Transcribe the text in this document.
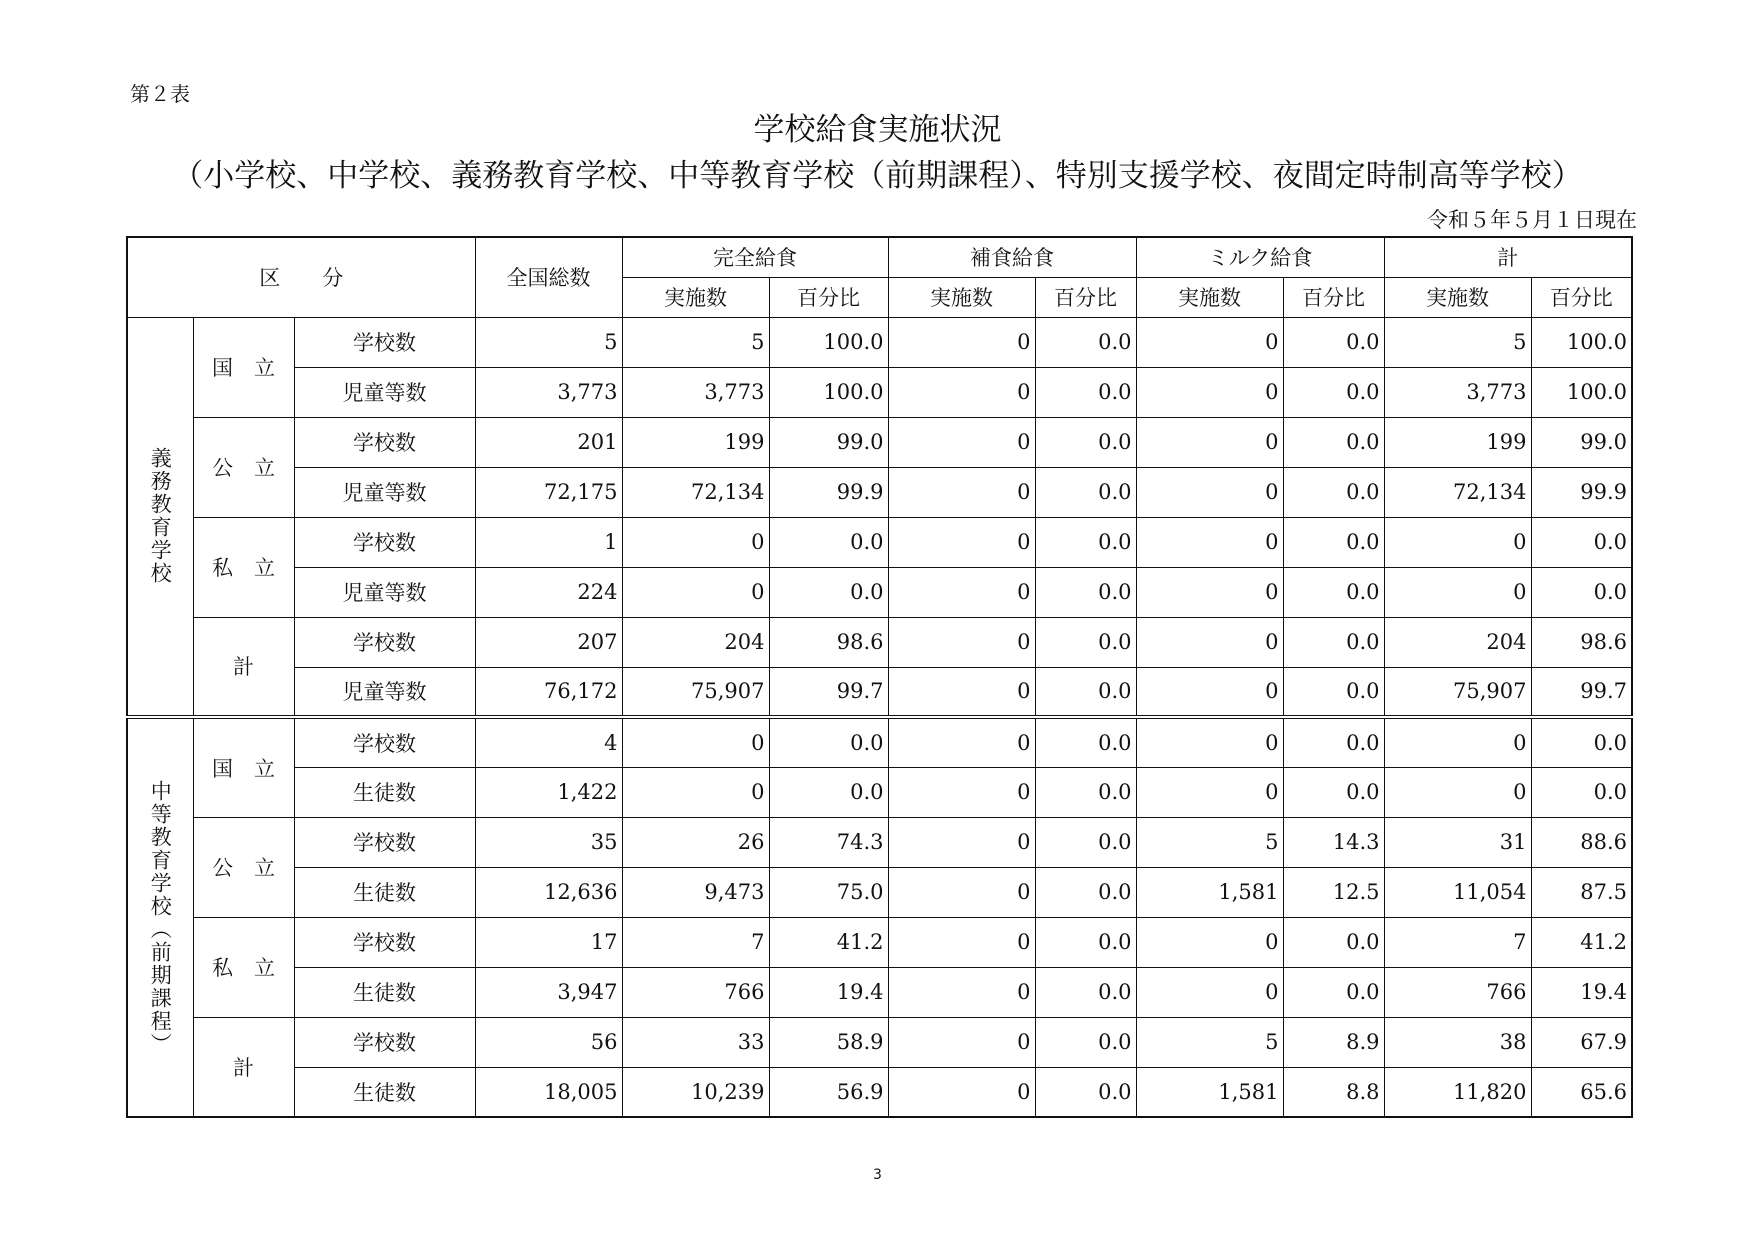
第２表
学校給食実施状況
（小学校、中学校、義務教育学校、中等教育学校（前期課程）、特別支援学校、夜間定時制高等学校）
令和５年５月１日現在
区　　分			全国総数	完全給食		補食給食		ミルク給食		計	
				実施数	百分比	実施数	百分比	実施数	百分比	実施数	百分比
義務教育学校	国　立	学校数	5	5	100.0	0	0.0	0	0.0	5	100.0
		児童等数	3,773	3,773	100.0	0	0.0	0	0.0	3,773	100.0
	公　立	学校数	201	199	99.0	0	0.0	0	0.0	199	99.0
		児童等数	72,175	72,134	99.9	0	0.0	0	0.0	72,134	99.9
	私　立	学校数	1	0	0.0	0	0.0	0	0.0	0	0.0
		児童等数	224	0	0.0	0	0.0	0	0.0	0	0.0
	計	学校数	207	204	98.6	0	0.0	0	0.0	204	98.6
		児童等数	76,172	75,907	99.7	0	0.0	0	0.0	75,907	99.7
中等教育学校（前期課程）	国　立	学校数	4	0	0.0	0	0.0	0	0.0	0	0.0
		生徒数	1,422	0	0.0	0	0.0	0	0.0	0	0.0
	公　立	学校数	35	26	74.3	0	0.0	5	14.3	31	88.6
		生徒数	12,636	9,473	75.0	0	0.0	1,581	12.5	11,054	87.5
	私　立	学校数	17	7	41.2	0	0.0	0	0.0	7	41.2
		生徒数	3,947	766	19.4	0	0.0	0	0.0	766	19.4
	計	学校数	56	33	58.9	0	0.0	5	8.9	38	67.9
		生徒数	18,005	10,239	56.9	0	0.0	1,581	8.8	11,820	65.6
3
